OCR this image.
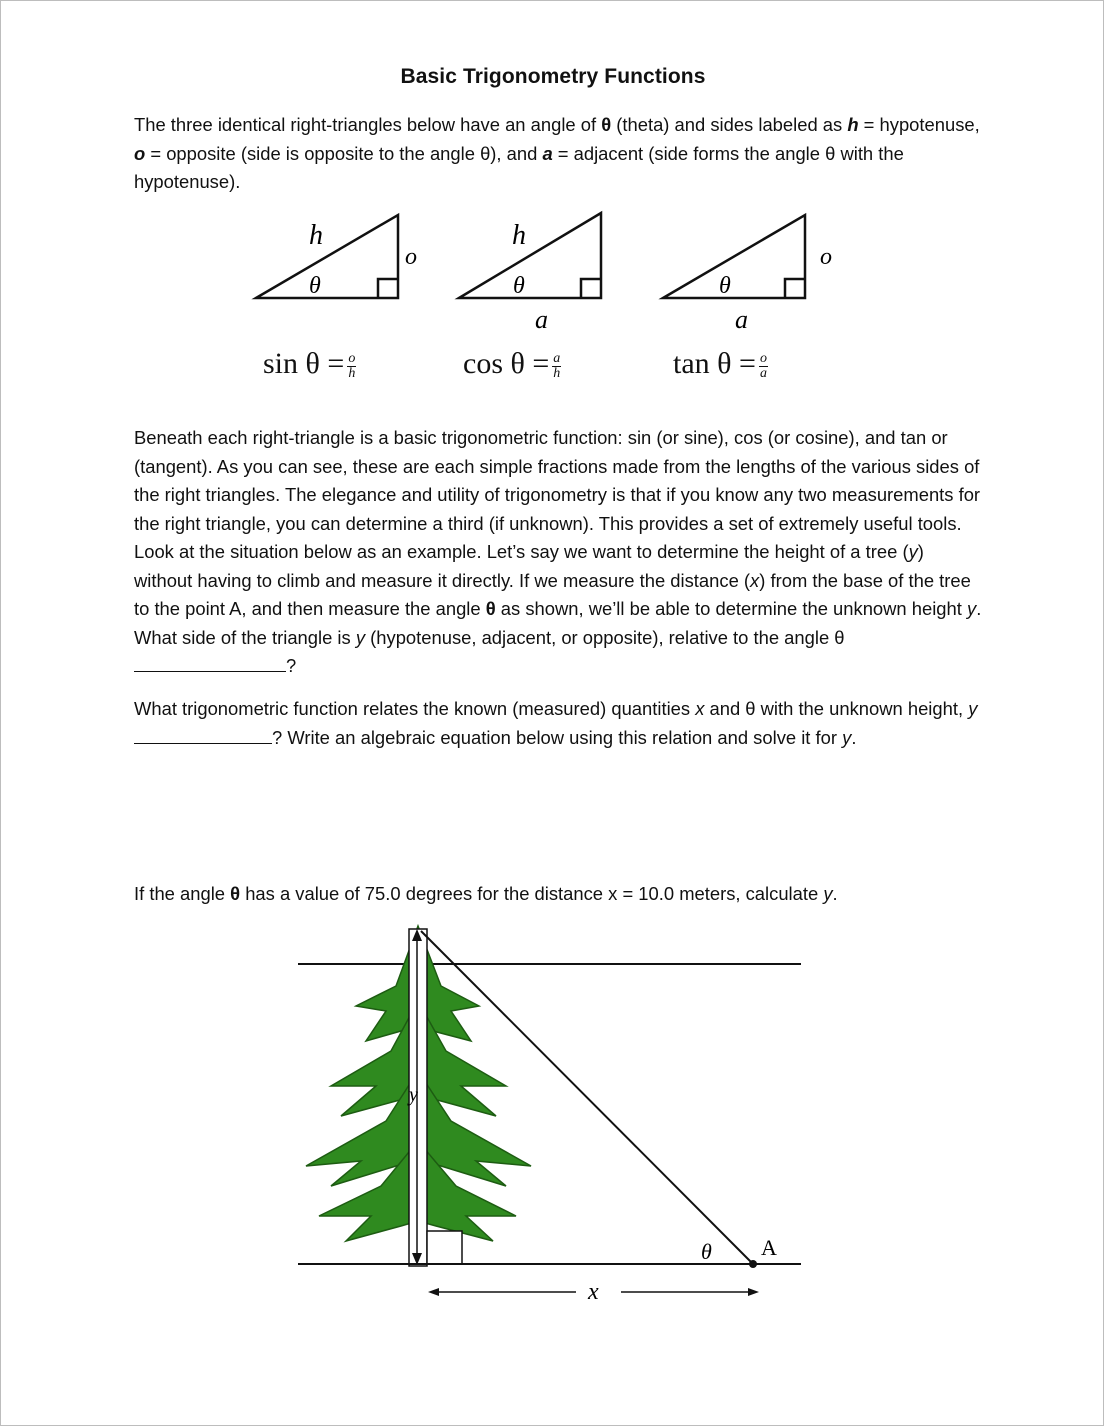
Basic Trigonometry Functions
The three identical right-triangles below have an angle of θ (theta) and sides labeled as h = hypotenuse, o = opposite (side is opposite to the angle θ), and a = adjacent (side forms the angle θ with the hypotenuse).
h
θ
o
h
θ
a
θ
o
a
$\sin \theta = \frac{o}{h}$	$\cos \theta = \frac{a}{h}$	$\tan \theta = \frac{o}{a}$
Beneath each right-triangle is a basic trigonometric function: sin (or sine), cos (or cosine), and tan or (tangent). As you can see, these are each simple fractions made from the lengths of the various sides of the right triangles. The elegance and utility of trigonometry is that if you know any two measurements for the right triangle, you can determine a third (if unknown). This provides a set of extremely useful tools. Look at the situation below as an example. Let’s say we want to determine the height of a tree (y) without having to climb and measure it directly. If we measure the distance (x) from the base of the tree to the point A, and then measure the angle θ as shown, we’ll be able to determine the unknown height y. What side of the triangle is y (hypotenuse, adjacent, or opposite), relative to the angle θ ?
What trigonometric function relates the known (measured) quantities x and θ with the unknown height, y? Write an algebraic equation below using this relation and solve it for y.
If the angle θ has a value of 75.0 degrees for the distance x = 10.0 meters, calculate y.
y
θ A
x
